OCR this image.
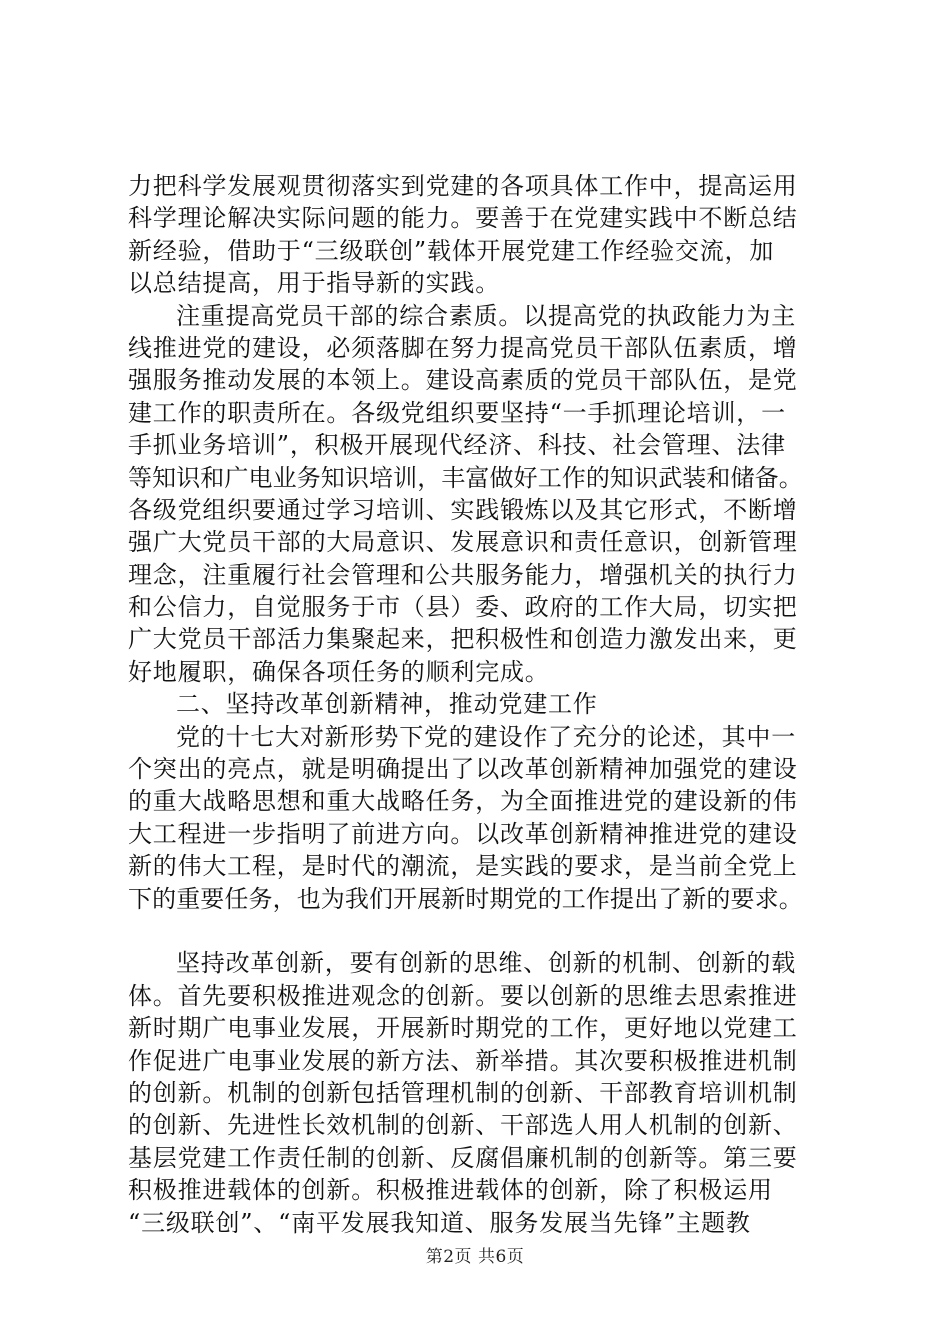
力把科学发展观贯彻落实到党建的各项具体工作中，提高运用
科学理论解决实际问题的能力。要善于在党建实践中不断总结
新经验，借助于“三级联创”载体开展党建工作经验交流，加
以总结提高，用于指导新的实践。
注重提高党员干部的综合素质。以提高党的执政能力为主
线推进党的建设，必须落脚在努力提高党员干部队伍素质，增
强服务推动发展的本领上。建设高素质的党员干部队伍，是党
建工作的职责所在。各级党组织要坚持“一手抓理论培训，一
手抓业务培训”，积极开展现代经济、科技、社会管理、法律
等知识和广电业务知识培训，丰富做好工作的知识武装和储备。
各级党组织要通过学习培训、实践锻炼以及其它形式，不断增
强广大党员干部的大局意识、发展意识和责任意识，创新管理
理念，注重履行社会管理和公共服务能力，增强机关的执行力
和公信力，自觉服务于市（县）委、政府的工作大局，切实把
广大党员干部活力集聚起来，把积极性和创造力激发出来，更
好地履职，确保各项任务的顺利完成。
二、坚持改革创新精神，推动党建工作
党的十七大对新形势下党的建设作了充分的论述，其中一
个突出的亮点，就是明确提出了以改革创新精神加强党的建设
的重大战略思想和重大战略任务，为全面推进党的建设新的伟
大工程进一步指明了前进方向。以改革创新精神推进党的建设
新的伟大工程，是时代的潮流，是实践的要求，是当前全党上
下的重要任务，也为我们开展新时期党的工作提出了新的要求。
坚持改革创新，要有创新的思维、创新的机制、创新的载
体。首先要积极推进观念的创新。要以创新的思维去思索推进
新时期广电事业发展，开展新时期党的工作，更好地以党建工
作促进广电事业发展的新方法、新举措。其次要积极推进机制
的创新。机制的创新包括管理机制的创新、干部教育培训机制
的创新、先进性长效机制的创新、干部选人用人机制的创新、
基层党建工作责任制的创新、反腐倡廉机制的创新等。第三要
积极推进载体的创新。积极推进载体的创新，除了积极运用
“三级联创”、“南平发展我知道、服务发展当先锋”主题教
第2页 共6页
